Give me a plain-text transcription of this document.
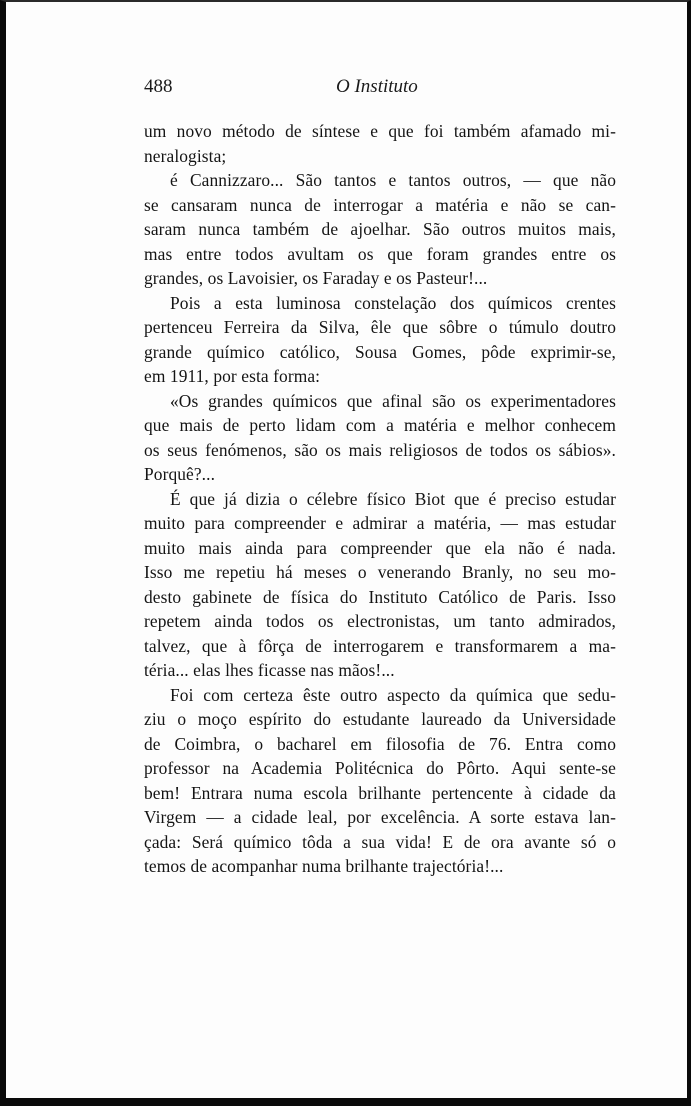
488	O Instituto
um novo método de síntese e que foi também afamado mi-
neralogista;
é Cannizzaro... São tantos e tantos outros, — que não
se cansaram nunca de interrogar a matéria e não se can-
saram nunca também de ajoelhar. São outros muitos mais,
mas entre todos avultam os que foram grandes entre os
grandes, os Lavoisier, os Faraday e os Pasteur!...
Pois a esta luminosa constelação dos químicos crentes
pertenceu Ferreira da Silva, êle que sôbre o túmulo doutro
grande químico católico, Sousa Gomes, pôde exprimir-se,
em 1911, por esta forma:
«Os grandes químicos que afinal são os experimentadores
que mais de perto lidam com a matéria e melhor conhecem
os seus fenómenos, são os mais religiosos de todos os sábios».
Porquê?...
É que já dizia o célebre físico Biot que é preciso estudar
muito para compreender e admirar a matéria, — mas estudar
muito mais ainda para compreender que ela não é nada.
Isso me repetiu há meses o venerando Branly, no seu mo-
desto gabinete de física do Instituto Católico de Paris. Isso
repetem ainda todos os electronistas, um tanto admirados,
talvez, que à fôrça de interrogarem e transformarem a ma-
téria... elas lhes ficasse nas mãos!...
Foi com certeza êste outro aspecto da química que sedu-
ziu o moço espírito do estudante laureado da Universidade
de Coimbra, o bacharel em filosofia de 76. Entra como
professor na Academia Politécnica do Pôrto. Aqui sente-se
bem! Entrara numa escola brilhante pertencente à cidade da
Virgem — a cidade leal, por excelência. A sorte estava lan-
çada: Será químico tôda a sua vida! E de ora avante só o
temos de acompanhar numa brilhante trajectória!...
